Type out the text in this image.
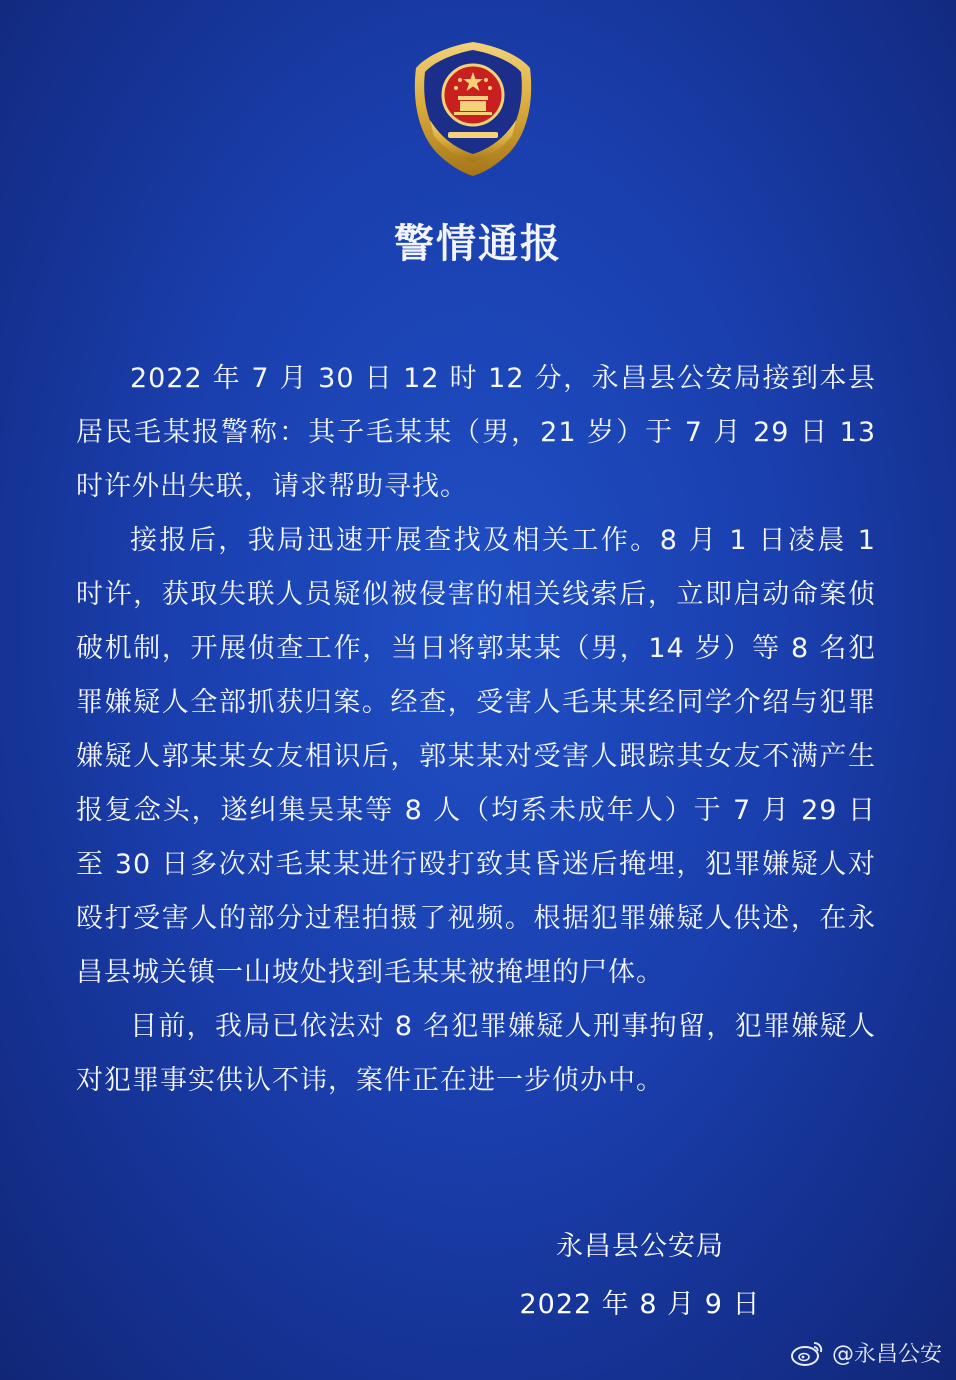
警情通报

2022 年 7 月 30 日 12 时 12 分，永昌县公安局接到本县居民毛某报警称：其子毛某某（男，21 岁）于 7 月 29 日 13 时许外出失联，请求帮助寻找。

接报后，我局迅速开展查找及相关工作。8 月 1 日凌晨 1 时许，获取失联人员疑似被侵害的相关线索后，立即启动命案侦破机制，开展侦查工作，当日将郭某某（男，14 岁）等 8 名犯罪嫌疑人全部抓获归案。经查，受害人毛某某经同学介绍与犯罪嫌疑人郭某某女友相识后，郭某某对受害人跟踪其女友不满产生报复念头，遂纠集吴某等 8 人（均系未成年人）于 7 月 29 日至 30 日多次对毛某某进行殴打致其昏迷后掩埋，犯罪嫌疑人对殴打受害人的部分过程拍摄了视频。根据犯罪嫌疑人供述，在永昌县城关镇一山坡处找到毛某某被掩埋的尸体。

目前，我局已依法对 8 名犯罪嫌疑人刑事拘留，犯罪嫌疑人对犯罪事实供认不讳，案件正在进一步侦办中。

永昌县公安局
2022 年 8 月 9 日
@永昌公安
